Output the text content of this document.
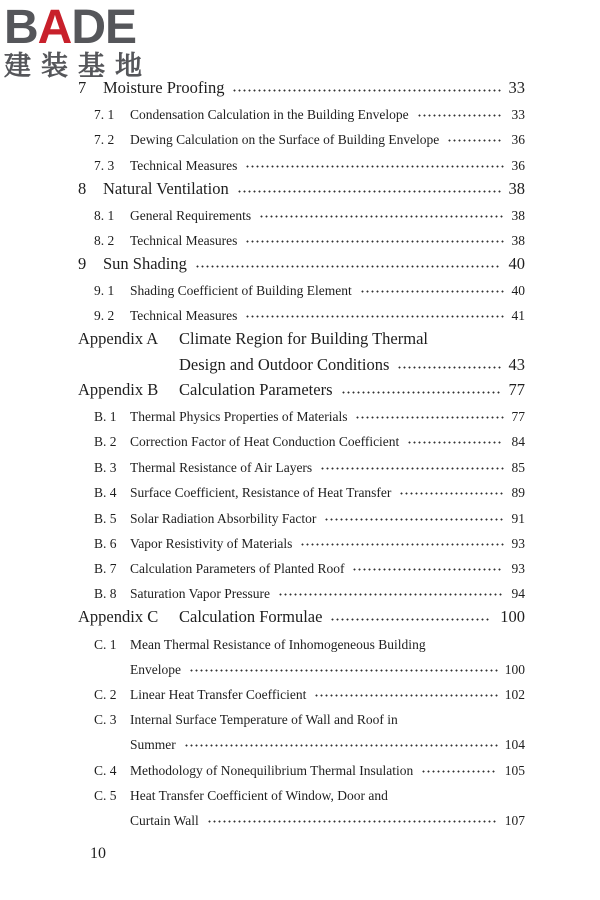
BADE
建装基地
7 Moisture Proofing	33
7. 1 Condensation Calculation in the Building Envelope	33
7. 2 Dewing Calculation on the Surface of Building Envelope	36
7. 3 Technical Measures	36
8 Natural Ventilation	38
8. 1 General Requirements	38
8. 2 Technical Measures	38
9 Sun Shading	40
9. 1 Shading Coefficient of Building Element	40
9. 2 Technical Measures	41
Appendix A Climate Region for Building Thermal
Design and Outdoor Conditions	43
Appendix B Calculation Parameters	77
B. 1 Thermal Physics Properties of Materials	77
B. 2 Correction Factor of Heat Conduction Coefficient	84
B. 3 Thermal Resistance of Air Layers	85
B. 4 Surface Coefficient, Resistance of Heat Transfer	89
B. 5 Solar Radiation Absorbility Factor	91
B. 6 Vapor Resistivity of Materials	93
B. 7 Calculation Parameters of Planted Roof	93
B. 8 Saturation Vapor Pressure	94
Appendix C Calculation Formulae	100
C. 1 Mean Thermal Resistance of Inhomogeneous Building
Envelope	100
C. 2 Linear Heat Transfer Coefficient	102
C. 3 Internal Surface Temperature of Wall and Roof in
Summer	104
C. 4 Methodology of Nonequilibrium Thermal Insulation	105
C. 5 Heat Transfer Coefficient of Window, Door and
Curtain Wall	107
10
